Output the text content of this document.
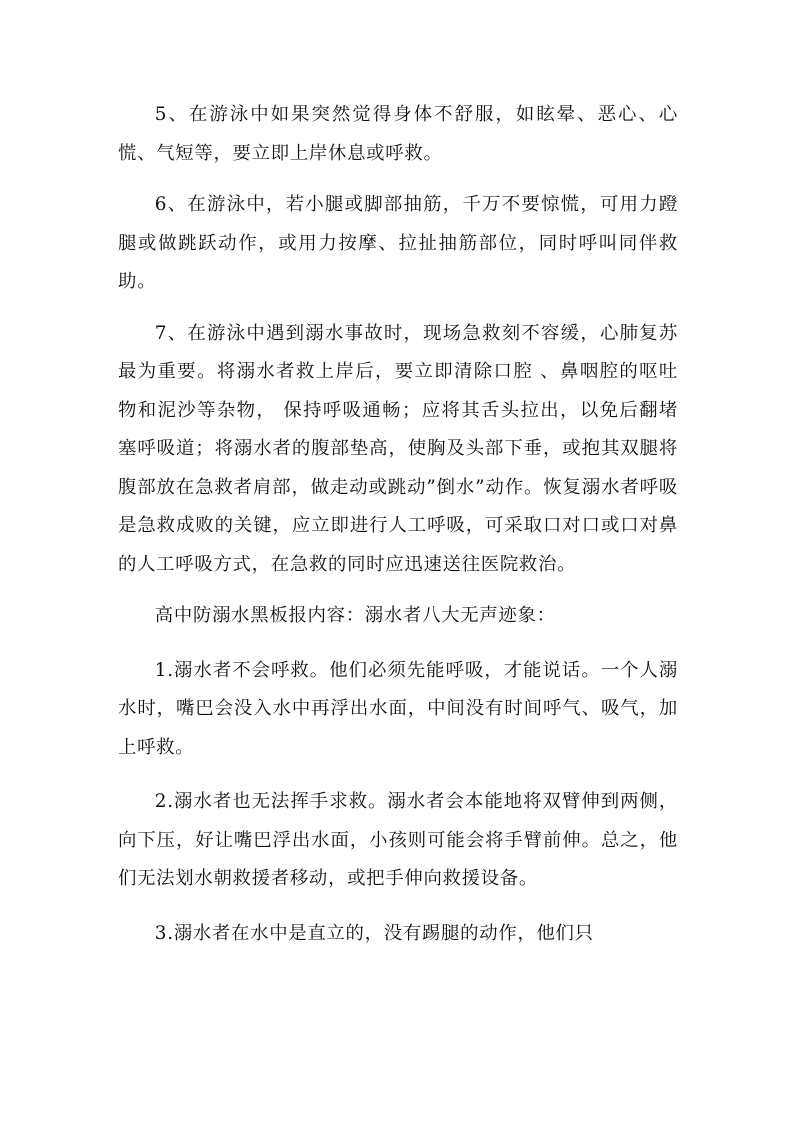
5、在游泳中如果突然觉得身体不舒服，如眩晕、恶心、心慌、气短等，要立即上岸休息或呼救。

6、在游泳中，若小腿或脚部抽筋，千万不要惊慌，可用力蹬腿或做跳跃动作，或用力按摩、拉扯抽筋部位，同时呼叫同伴救助。

7、在游泳中遇到溺水事故时，现场急救刻不容缓，心肺复苏最为重要。将溺水者救上岸后，要立即清除口腔 、鼻咽腔的呕吐物和泥沙等杂物， 保持呼吸通畅；应将其舌头拉出，以免后翻堵塞呼吸道；将溺水者的腹部垫高，使胸及头部下垂，或抱其双腿将腹部放在急救者肩部，做走动或跳动”倒水”动作。恢复溺水者呼吸是急救成败的关键，应立即进行人工呼吸，可采取口对口或口对鼻的人工呼吸方式，在急救的同时应迅速送往医院救治。

高中防溺水黑板报内容：溺水者八大无声迹象：

1.溺水者不会呼救。他们必须先能呼吸，才能说话。一个人溺水时，嘴巴会没入水中再浮出水面，中间没有时间呼气、吸气，加上呼救。

2.溺水者也无法挥手求救。溺水者会本能地将双臂伸到两侧，向下压，好让嘴巴浮出水面，小孩则可能会将手臂前伸。总之，他们无法划水朝救援者移动，或把手伸向救援设备。

3.溺水者在水中是直立的，没有踢腿的动作，他们只
